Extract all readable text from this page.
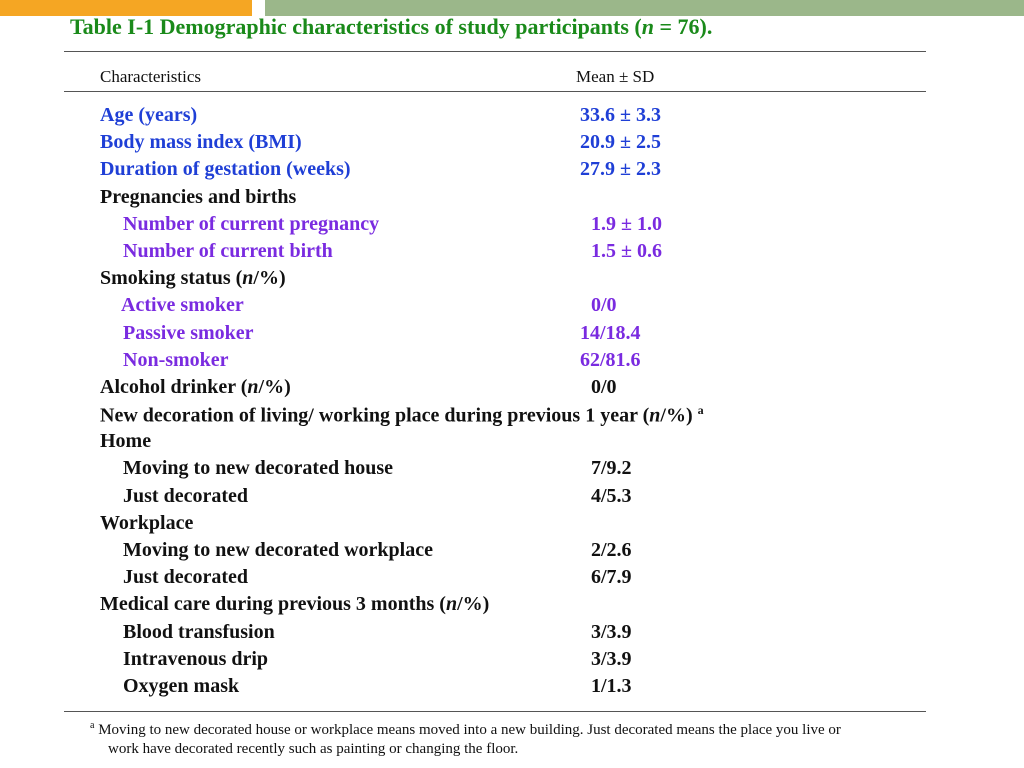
Table I-1 Demographic characteristics of study participants (n = 76).
Characteristics	Mean ± SD
Age (years)	33.6 ± 3.3
Body mass index (BMI)	20.9 ± 2.5
Duration of gestation (weeks)	27.9 ± 2.3
Pregnancies and births
Number of current pregnancy	1.9 ± 1.0
Number of current birth	1.5 ± 0.6
Smoking status (n/%)
Active smoker	0/0
Passive smoker	14/18.4
Non-smoker	62/81.6
Alcohol drinker (n/%)	0/0
New decoration of living/ working place during previous 1 year (n/%) $^a$
Home
Moving to new decorated house	7/9.2
Just decorated	4/5.3
Workplace
Moving to new decorated workplace	2/2.6
Just decorated	6/7.9
Medical care during previous 3 months (n/%)
Blood transfusion	3/3.9
Intravenous drip	3/3.9
Oxygen mask	1/1.3
$^a$ Moving to new decorated house or workplace means moved into a new building. Just decorated means the place you live or
work have decorated recently such as painting or changing the floor.
